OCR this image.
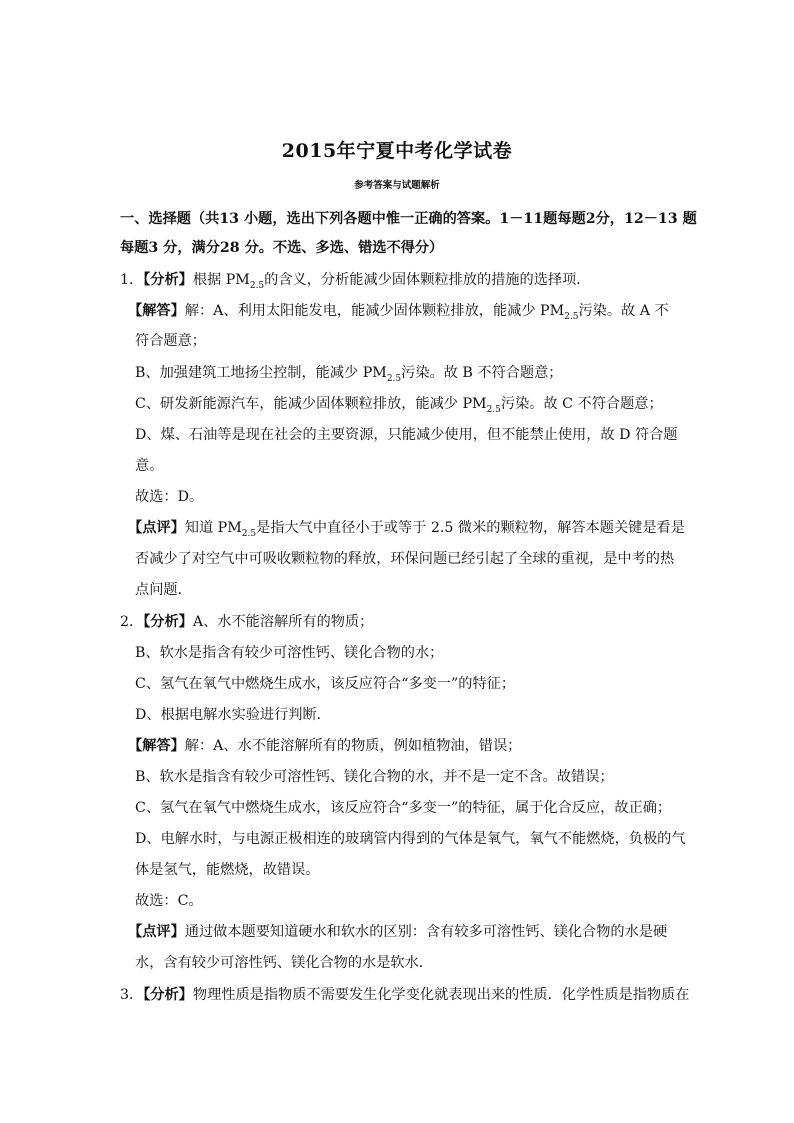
2015年宁夏中考化学试卷
参考答案与试题解析
一、选择题（共13 小题，选出下列各题中惟一正确的答案。1－11题每题2分，12－13 题
每题3 分，满分28 分。不选、多选、错选不得分）
1．【分析】根据 $PM_{2.5}$的含义，分析能减少固体颗粒排放的措施的选择项．
【解答】解：A、利用太阳能发电，能减少固体颗粒排放，能减少 $PM_{2.5}$污染。故 A 不
符合题意；
B、加强建筑工地扬尘控制，能减少 $PM_{2.5}$污染。故 B 不符合题意；
C、研发新能源汽车，能减少固体颗粒排放，能减少 $PM_{2.5}$污染。故 C 不符合题意；
D、煤、石油等是现在社会的主要资源，只能减少使用，但不能禁止使用，故 D 符合题
意。
故选：D。
【点评】知道 $PM_{2.5}$是指大气中直径小于或等于 2.5 微米的颗粒物，解答本题关键是看是
否减少了对空气中可吸收颗粒物的释放，环保问题已经引起了全球的重视，是中考的热
点问题．
2．【分析】A、水不能溶解所有的物质；
B、软水是指含有较少可溶性钙、镁化合物的水；
C、氢气在氧气中燃烧生成水，该反应符合“多变一”的特征；
D、根据电解水实验进行判断．
【解答】解：A、水不能溶解所有的物质，例如植物油，错误；
B、软水是指含有较少可溶性钙、镁化合物的水，并不是一定不含。故错误；
C、氢气在氧气中燃烧生成水，该反应符合“多变一”的特征，属于化合反应，故正确；
D、电解水时，与电源正极相连的玻璃管内得到的气体是氧气，氧气不能燃烧，负极的气
体是氢气，能燃烧，故错误。
故选：C。
【点评】通过做本题要知道硬水和软水的区别：含有较多可溶性钙、镁化合物的水是硬
水，含有较少可溶性钙、镁化合物的水是软水．
3．【分析】物理性质是指物质不需要发生化学变化就表现出来的性质．化学性质是指物质在
